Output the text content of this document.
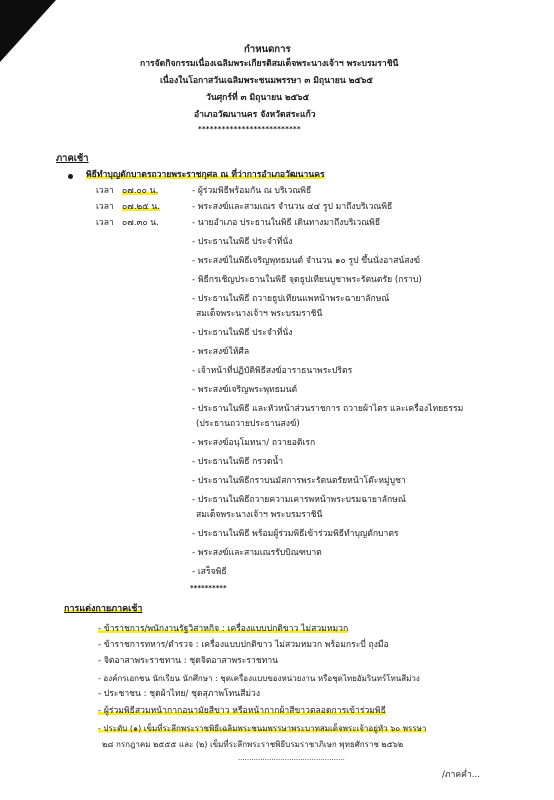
กำหนดการ
การจัดกิจกรรมเนื่องเฉลิมพระเกียรติสมเด็จพระนางเจ้าฯ พระบรมราชินี
เนื่องในโอกาสวันเฉลิมพระชนมพรรษา ๓ มิถุนายน ๒๕๖๕
วันศุกร์ที่ ๓ มิถุนายน ๒๕๖๕
อำเภอวัฒนานคร จังหวัดสระแก้ว
**************************
ภาคเช้า
พิธีทำบุญตักบาตรถวายพระราชกุศล ณ ที่ว่าการอำเภอวัฒนานคร
เวลา ๐๗.๐๐ น.	- ผู้ร่วมพิธีพร้อมกัน ณ บริเวณพิธี
เวลา ๐๗.๒๕ น.	- พระสงฆ์และสามเณร จำนวน ๔๔ รูป มาถึงบริเวณพิธี
เวลา ๐๗.๓๐ น.	- นายอำเภอ ประธานในพิธี เดินทางมาถึงบริเวณพิธี
- ประธานในพิธี ประจำที่นั่ง
- พระสงฆ์ในพิธีเจริญพุทธมนต์ จำนวน ๑๐ รูป ขึ้นนั่งอาสน์สงฆ์
- พิธีกรเชิญประธานในพิธี จุดธูปเทียนบูชาพระรัตนตรัย (กราบ)
- ประธานในพิธี ถวายธูปเทียนแพหน้าพระฉายาลักษณ์
สมเด็จพระนางเจ้าฯ พระบรมราชินี
- ประธานในพิธี ประจำที่นั่ง
- พระสงฆ์ให้ศีล
- เจ้าหน้าที่ปฏิบัติพิธีสงฆ์อาราธนาพระปริตร
- พระสงฆ์เจริญพระพุทธมนต์
- ประธานในพิธี และหัวหน้าส่วนราชการ ถวายผ้าไตร และเครื่องไทยธรรม
(ประธานถวายประธานสงฆ์)
- พระสงฆ์อนุโมทนา/ ถวายอติเรก
- ประธานในพิธี กรวดน้ำ
- ประธานในพิธีกราบนมัสการพระรัตนตรัยหน้าโต๊ะหมู่บูชา
- ประธานในพิธีถวายความเคารพหน้าพระบรมฉายาลักษณ์
สมเด็จพระนางเจ้าฯ พระบรมราชินี
- ประธานในพิธี พร้อมผู้ร่วมพิธีเข้าร่วมพิธีทำบุญตักบาตร
- พระสงฆ์และสามเณรรับบิณฑบาต
- เสร็จพิธี
**********
การแต่งกายภาคเช้า
- ข้าราชการ/พนักงานรัฐวิสาหกิจ : เครื่องแบบปกติขาว ไม่สวมหมวก
- ข้าราชการทหาร/ตำรวจ : เครื่องแบบปกติขาว ไม่สวมหมวก พร้อมกระบี่ ถุงมือ
- จิตอาสาพระราชทาน : ชุดจิตอาสาพระราชทาน
- องค์กรเอกชน นักเรียน นักศึกษา : ชุดเครื่องแบบของหน่วยงาน หรือชุดไทยอัมรินทร์โทนสีม่วง
- ประชาชน : ชุดผ้าไทย/ ชุดสุภาพโทนสีม่วง
- ผู้ร่วมพิธีสวมหน้ากากอนามัยสีขาว หรือหน้ากากผ้าสีขาวตลอดการเข้าร่วมพิธี
- ประดับ (๑) เข็มที่ระลึกพระราชพิธีเฉลิมพระชนมพรรษาพระบาทสมเด็จพระเจ้าอยู่หัว ๖๐ พรรษา
๒๘ กรกฎาคม ๒๕๕๕ และ (๒) เข็มที่ระลึกพระราชพิธีบรมราชาภิเษก พุทธศักราช ๒๕๖๒
................................................
/ภาคค่ำ...
